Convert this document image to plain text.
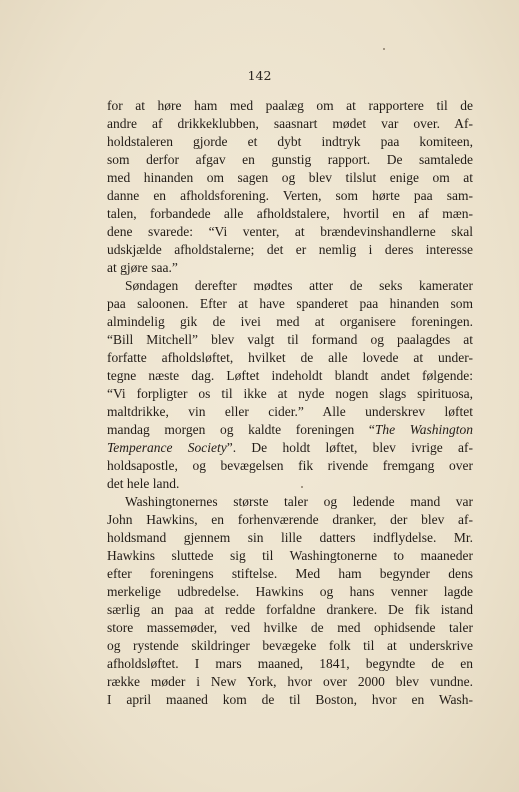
142
for at høre ham med paalæg om at rapportere til de
andre af drikkeklubben, saasnart mødet var over. Af-
holdstaleren gjorde et dybt indtryk paa komiteen,
som derfor afgav en gunstig rapport. De samtalede
med hinanden om sagen og blev tilslut enige om at
danne en afholdsforening. Verten, som hørte paa sam-
talen, forbandede alle afholdstalere, hvortil en af mæn-
dene svarede: “Vi venter, at brændevinshandlerne skal
udskjælde afholdstalerne; det er nemlig i deres interesse
at gjøre saa.”
Søndagen derefter mødtes atter de seks kamerater
paa saloonen. Efter at have spanderet paa hinanden som
almindelig gik de ivei med at organisere foreningen.
“Bill Mitchell” blev valgt til formand og paalagdes at
forfatte afholdsløftet, hvilket de alle lovede at under-
tegne næste dag. Løftet indeholdt blandt andet følgende:
“Vi forpligter os til ikke at nyde nogen slags spirituosa,
maltdrikke, vin eller cider.” Alle underskrev løftet
mandag morgen og kaldte foreningen “The Washington
Temperance Society”. De holdt løftet, blev ivrige af-
holdsapostle, og bevægelsen fik rivende fremgang over
det hele land.
Washingtonernes største taler og ledende mand var
John Hawkins, en forhenværende dranker, der blev af-
holdsmand gjennem sin lille datters indflydelse. Mr.
Hawkins sluttede sig til Washingtonerne to maaneder
efter foreningens stiftelse. Med ham begynder dens
merkelige udbredelse. Hawkins og hans venner lagde
særlig an paa at redde forfaldne drankere. De fik istand
store massemøder, ved hvilke de med ophidsende taler
og rystende skildringer bevægeke folk til at underskrive
afholdsløftet. I mars maaned, 1841, begyndte de en
række møder i New York, hvor over 2000 blev vundne.
I april maaned kom de til Boston, hvor en Wash-
